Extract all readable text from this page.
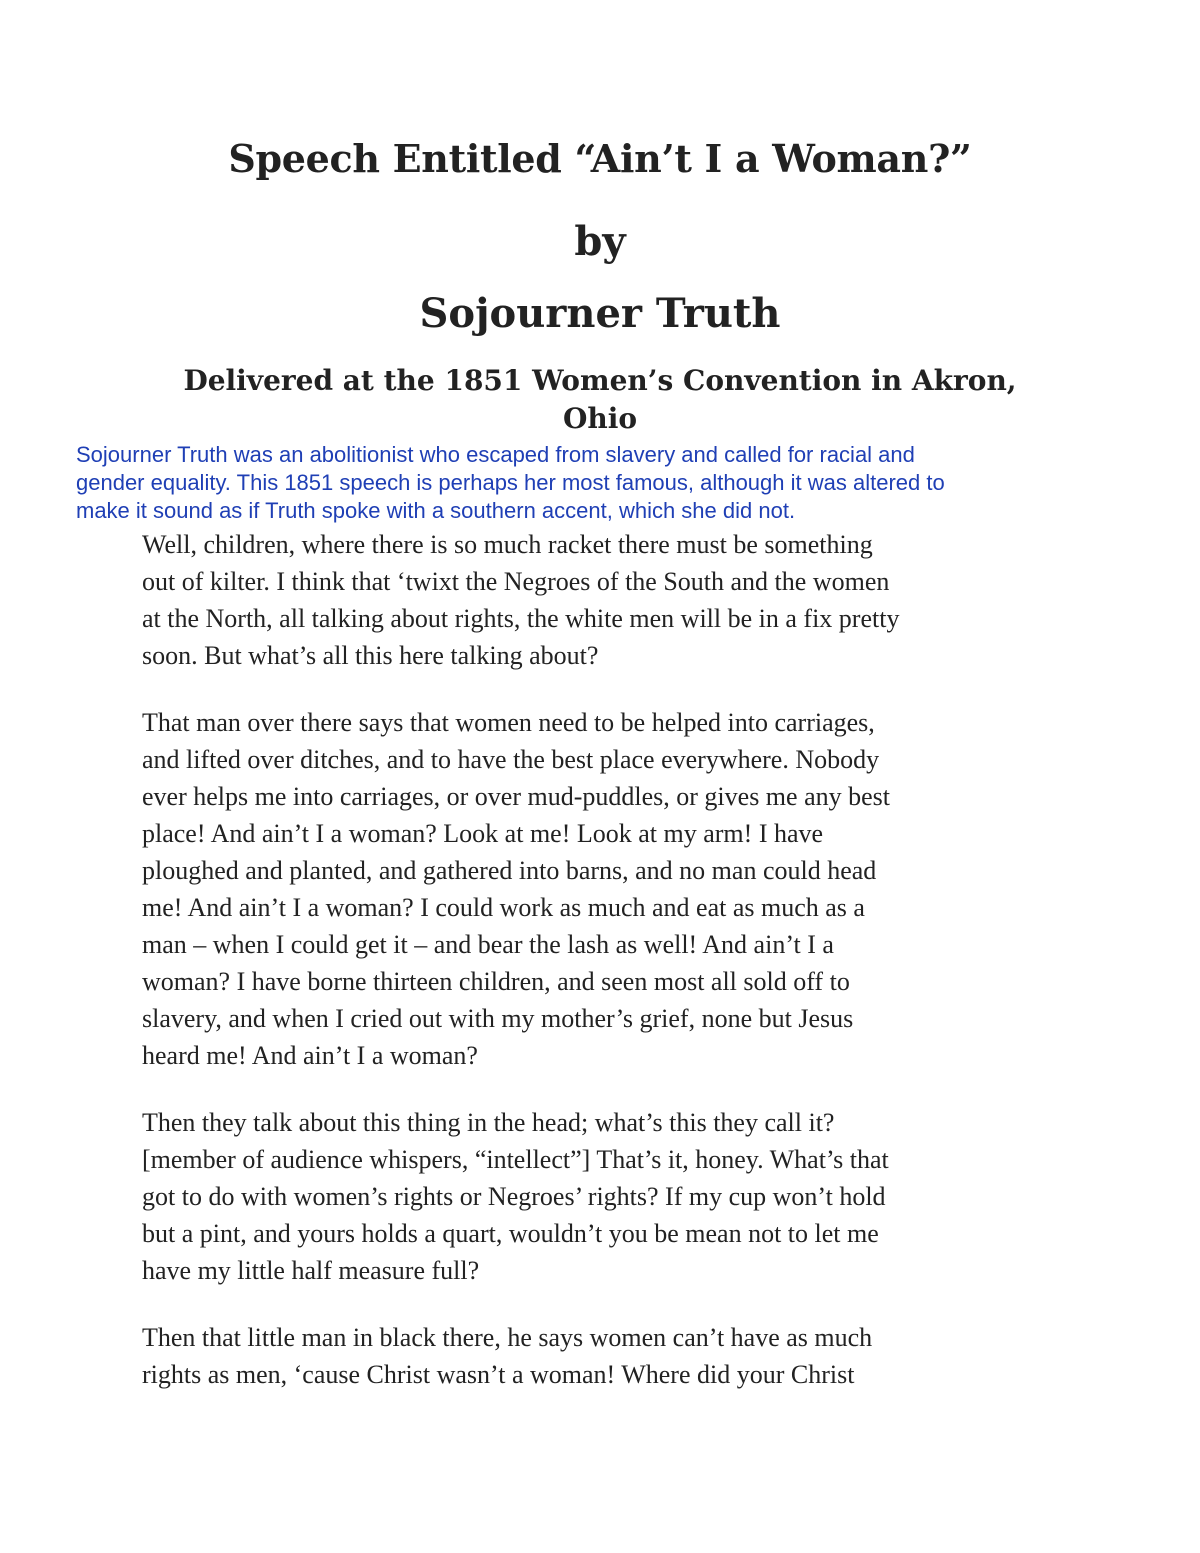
Speech Entitled “Ain’t I a Woman?”
by
Sojourner Truth
Delivered at the 1851 Women’s Convention in Akron,
Ohio
Sojourner Truth was an abolitionist who escaped from slavery and called for racial and
gender equality. This 1851 speech is perhaps her most famous, although it was altered to
make it sound as if Truth spoke with a southern accent, which she did not.

Well, children, where there is so much racket there must be something
out of kilter. I think that ‘twixt the Negroes of the South and the women
at the North, all talking about rights, the white men will be in a fix pretty
soon. But what’s all this here talking about?

That man over there says that women need to be helped into carriages,
and lifted over ditches, and to have the best place everywhere. Nobody
ever helps me into carriages, or over mud-puddles, or gives me any best
place! And ain’t I a woman? Look at me! Look at my arm! I have
ploughed and planted, and gathered into barns, and no man could head
me! And ain’t I a woman? I could work as much and eat as much as a
man – when I could get it – and bear the lash as well! And ain’t I a
woman? I have borne thirteen children, and seen most all sold off to
slavery, and when I cried out with my mother’s grief, none but Jesus
heard me! And ain’t I a woman?

Then they talk about this thing in the head; what’s this they call it?
[member of audience whispers, “intellect”] That’s it, honey. What’s that
got to do with women’s rights or Negroes’ rights? If my cup won’t hold
but a pint, and yours holds a quart, wouldn’t you be mean not to let me
have my little half measure full?

Then that little man in black there, he says women can’t have as much
rights as men, ‘cause Christ wasn’t a woman! Where did your Christ
